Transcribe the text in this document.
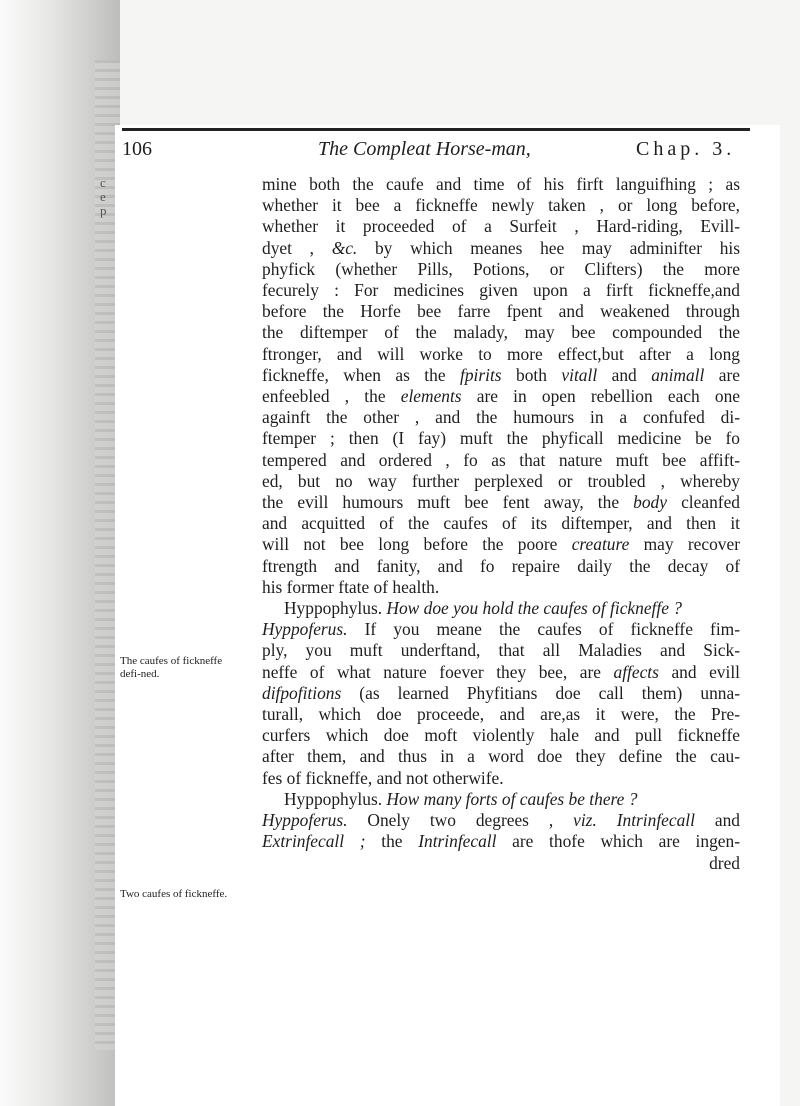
c
e
p
106	The Compleat Horse-man,	Chap. 3.
mine both the caufe and time of his firft languifhing ; as
whether it bee a fickneffe newly taken , or long before,
whether it proceeded of a Surfeit , Hard-riding, Evill-
dyet , &c. by which meanes hee may adminifter his
phyfick (whether Pills, Potions, or Clifters) the more
fecurely : For medicines given upon a firft fickneffe,and
before the Horfe bee farre fpent and weakened through
the diftemper of the malady, may bee compounded the
ftronger, and will worke to more effect,but after a long
fickneffe, when as the fpirits both vitall and animall are
enfeebled , the elements are in open rebellion each one
againft the other , and the humours in a confufed di-
ftemper ; then (I fay) muft the phyficall medicine be fo
tempered and ordered , fo as that nature muft bee affift-
ed, but no way further perplexed or troubled , whereby
the evill humours muft bee fent away, the body cleanfed
and acquitted of the caufes of its diftemper, and then it
will not bee long before the poore creature may recover
ftrength and fanity, and fo repaire daily the decay of
his former ftate of health.
Hyppophylus. How doe you hold the caufes of fickneffe ?
Hyppoferus. If you meane the caufes of fickneffe fim-
ply, you muft underftand, that all Maladies and Sick-
neffe of what nature foever they bee, are affects and evill
difpofitions (as learned Phyfitians doe call them) unna-
turall, which doe proceede, and are,as it were, the Pre-
curfers which doe moft violently hale and pull fickneffe
after them, and thus in a word doe they define the cau-
fes of fickneffe, and not otherwife.
Hyppophylus. How many forts of caufes be there ?
Hyppoferus. Onely two degrees , viz. Intrinfecall and
Extrinfecall ; the Intrinfecall are thofe which are ingen-
dred
The caufes of fickneffe defi-ned.
Two caufes of fickneffe.
